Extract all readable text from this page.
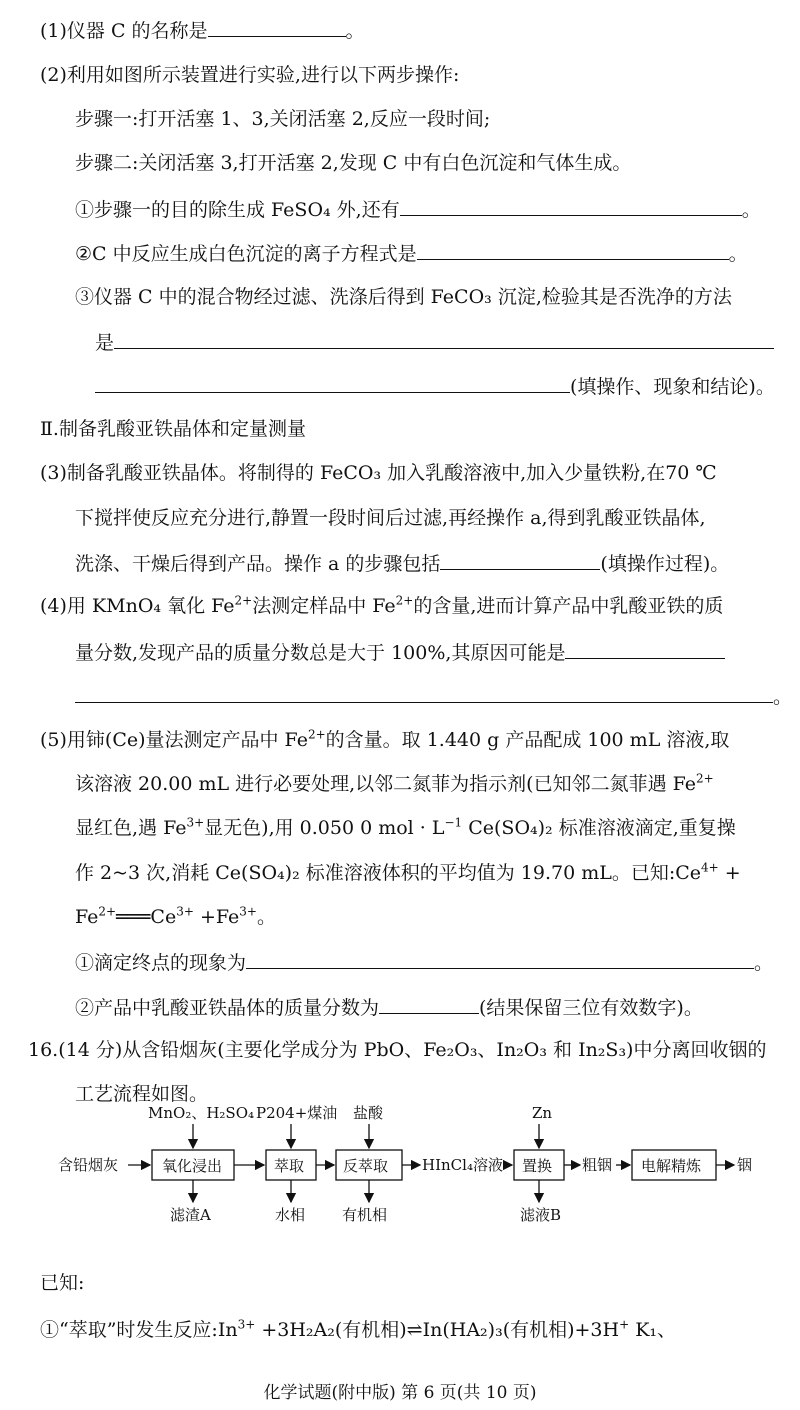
(1)仪器 C 的名称是	。
(2)利用如图所示装置进行实验,进行以下两步操作:
步骤一:打开活塞 1、3,关闭活塞 2,反应一段时间;
步骤二:关闭活塞 3,打开活塞 2,发现 C 中有白色沉淀和气体生成。
①步骤一的目的除生成 FeSO₄ 外,还有	。
②C 中反应生成白色沉淀的离子方程式是	。
③仪器 C 中的混合物经过滤、洗涤后得到 FeCO₃ 沉淀,检验其是否洗净的方法
是
(填操作、现象和结论)。
Ⅱ.制备乳酸亚铁晶体和定量测量
(3)制备乳酸亚铁晶体。将制得的 FeCO₃ 加入乳酸溶液中,加入少量铁粉,在70 ℃
下搅拌使反应充分进行,静置一段时间后过滤,再经操作 a,得到乳酸亚铁晶体,
洗涤、干燥后得到产品。操作 a 的步骤包括	(填操作过程)。
(4)用 KMnO₄ 氧化 $Fe^{2+}$法测定样品中 $Fe^{2+}$的含量,进而计算产品中乳酸亚铁的质
量分数,发现产品的质量分数总是大于 100%,其原因可能是
。
(5)用铈(Ce)量法测定产品中 $Fe^{2+}$的含量。取 1.440 g 产品配成 100 mL 溶液,取
该溶液 20.00 mL 进行必要处理,以邻二氮菲为指示剂(已知邻二氮菲遇 $Fe^{2+}$
显红色,遇 $Fe^{3+}$显无色),用 0.050 0 mol · $L^{-1}$ Ce(SO₄)₂ 标准溶液滴定,重复操
作 2~3 次,消耗 Ce(SO₄)₂ 标准溶液体积的平均值为 19.70 mL。已知$:Ce^{4+}$ +
$Fe^{2+}═══Ce^{3+} +Fe^{3+}$。
①滴定终点的现象为	。
②产品中乳酸亚铁晶体的质量分数为	(结果保留三位有效数字)。
16.(14 分)从含铅烟灰(主要化学成分为 PbO、Fe₂O₃、In₂O₃ 和 In₂S₃)中分离回收铟的
工艺流程如图。
含铅烟灰	氧化浸出
MnO₂、H₂SO₄
滤渣A
萃取
P204+煤油
水相
反萃取
盐酸
有机相
HInCl₄溶液 置换
Zn
滤液B
粗铟 电解精炼 铟
已知:
①“萃取”时发生反应$:In^{3+} +3H_2A_2$(有机相)⇌In(HA₂)₃(有机相)+3H+ K₁、
化学试题(附中版) 第 6 页(共 10 页)
